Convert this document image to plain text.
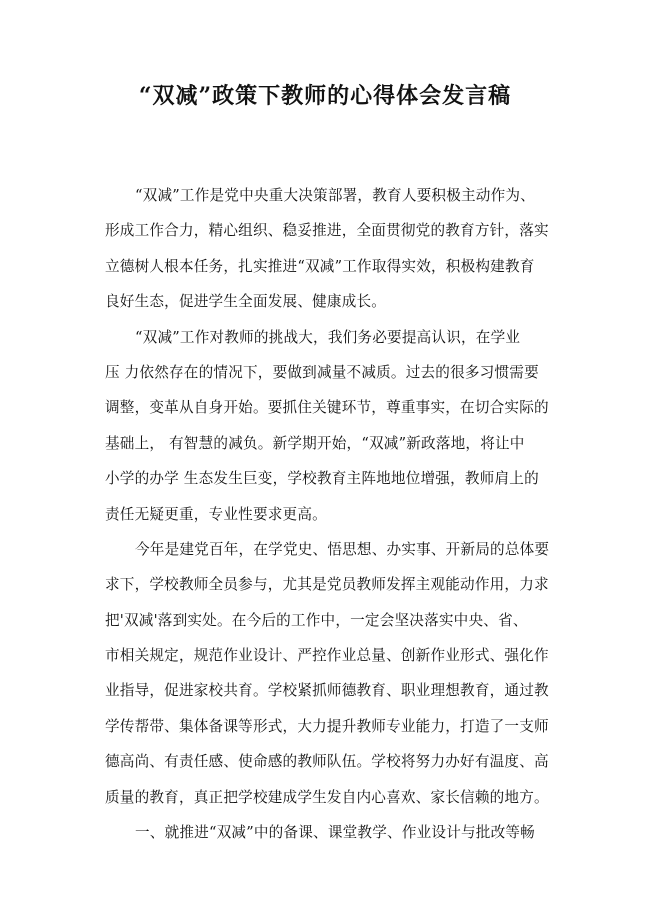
“双减”政策下教师的心得体会发言稿
“双减”工作是党中央重大决策部署，教育人要积极主动作为、
形成工作合力，精心组织、稳妥推进，全面贯彻党的教育方针，落实
立德树人根本任务，扎实推进“双减”工作取得实效，积极构建教育
良好生态，促进学生全面发展、健康成长。
“双减”工作对教师的挑战大，我们务必要提高认识，在学业
压 力依然存在的情况下，要做到减量不减质。过去的很多习惯需要
调整，变革从自身开始。要抓住关键环节，尊重事实，在切合实际的
基础上， 有智慧的减负。新学期开始，“双减”新政落地，将让中
小学的办学 生态发生巨变，学校教育主阵地地位增强，教师肩上的
责任无疑更重，专业性要求更高。
今年是建党百年，在学党史、悟思想、办实事、开新局的总体要
求下，学校教师全员参与，尤其是党员教师发挥主观能动作用，力求
把'双减'落到实处。在今后的工作中，一定会坚决落实中央、省、
市相关规定，规范作业设计、严控作业总量、创新作业形式、强化作
业指导，促进家校共育。学校紧抓师德教育、职业理想教育，通过教
学传帮带、集体备课等形式，大力提升教师专业能力，打造了一支师
德高尚、有责任感、使命感的教师队伍。学校将努力办好有温度、高
质量的教育，真正把学校建成学生发自内心喜欢、家长信赖的地方。
一、就推进“双减”中的备课、课堂教学、作业设计与批改等畅
